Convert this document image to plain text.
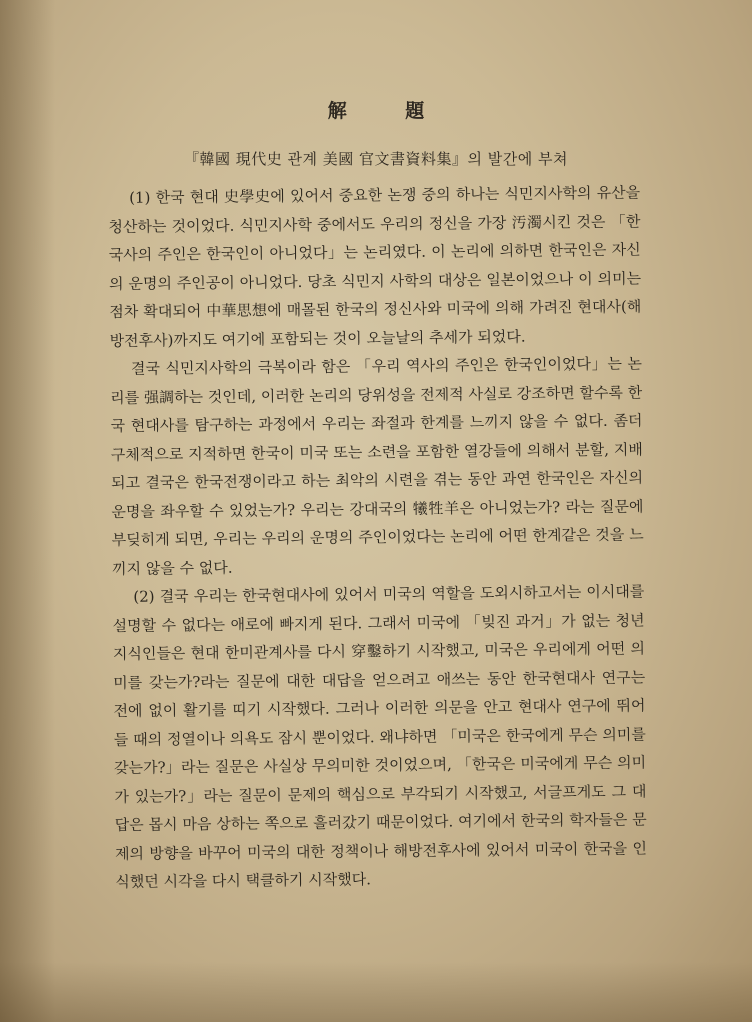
解 題
『韓國 現代史 관계 美國 官文書資料集』의 발간에 부쳐

(1) 한국 현대 史學史에 있어서 중요한 논쟁 중의 하나는 식민지사학의 유산을 청산하는 것이었다. 식민지사학 중에서도 우리의 정신을 가장 汚濁시킨 것은 「한국사의 주인은 한국인이 아니었다」는 논리였다. 이 논리에 의하면 한국인은 자신의 운명의 주인공이 아니었다. 당초 식민지 사학의 대상은 일본이었으나 이 의미는 점차 확대되어 中華思想에 매몰된 한국의 정신사와 미국에 의해 가려진 현대사(해방전후사)까지도 여기에 포함되는 것이 오늘날의 추세가 되었다.

결국 식민지사학의 극복이라 함은 「우리 역사의 주인은 한국인이었다」는 논리를 强調하는 것인데, 이러한 논리의 당위성을 전제적 사실로 강조하면 할수록 한국 현대사를 탐구하는 과정에서 우리는 좌절과 한계를 느끼지 않을 수 없다. 좀더 구체적으로 지적하면 한국이 미국 또는 소련을 포함한 열강들에 의해서 분할, 지배되고 결국은 한국전쟁이라고 하는 최악의 시련을 겪는 동안 과연 한국인은 자신의 운명을 좌우할 수 있었는가? 우리는 강대국의 犧牲羊은 아니었는가? 라는 질문에 부딪히게 되면, 우리는 우리의 운명의 주인이었다는 논리에 어떤 한계같은 것을 느끼지 않을 수 없다.

(2) 결국 우리는 한국현대사에 있어서 미국의 역할을 도외시하고서는 이시대를 설명할 수 없다는 애로에 빠지게 된다. 그래서 미국에 「빚진 과거」가 없는 청년 지식인들은 현대 한미관계사를 다시 穿鑿하기 시작했고, 미국은 우리에게 어떤 의미를 갖는가?라는 질문에 대한 대답을 얻으려고 애쓰는 동안 한국현대사 연구는 전에 없이 활기를 띠기 시작했다. 그러나 이러한 의문을 안고 현대사 연구에 뛰어들 때의 정열이나 의욕도 잠시 뿐이었다. 왜냐하면 「미국은 한국에게 무슨 의미를 갖는가?」라는 질문은 사실상 무의미한 것이었으며, 「한국은 미국에게 무슨 의미가 있는가?」라는 질문이 문제의 핵심으로 부각되기 시작했고, 서글프게도 그 대답은 몹시 마음 상하는 쪽으로 흘러갔기 때문이었다. 여기에서 한국의 학자들은 문제의 방향을 바꾸어 미국의 대한 정책이나 해방전후사에 있어서 미국이 한국을 인식했던 시각을 다시 택클하기 시작했다.
